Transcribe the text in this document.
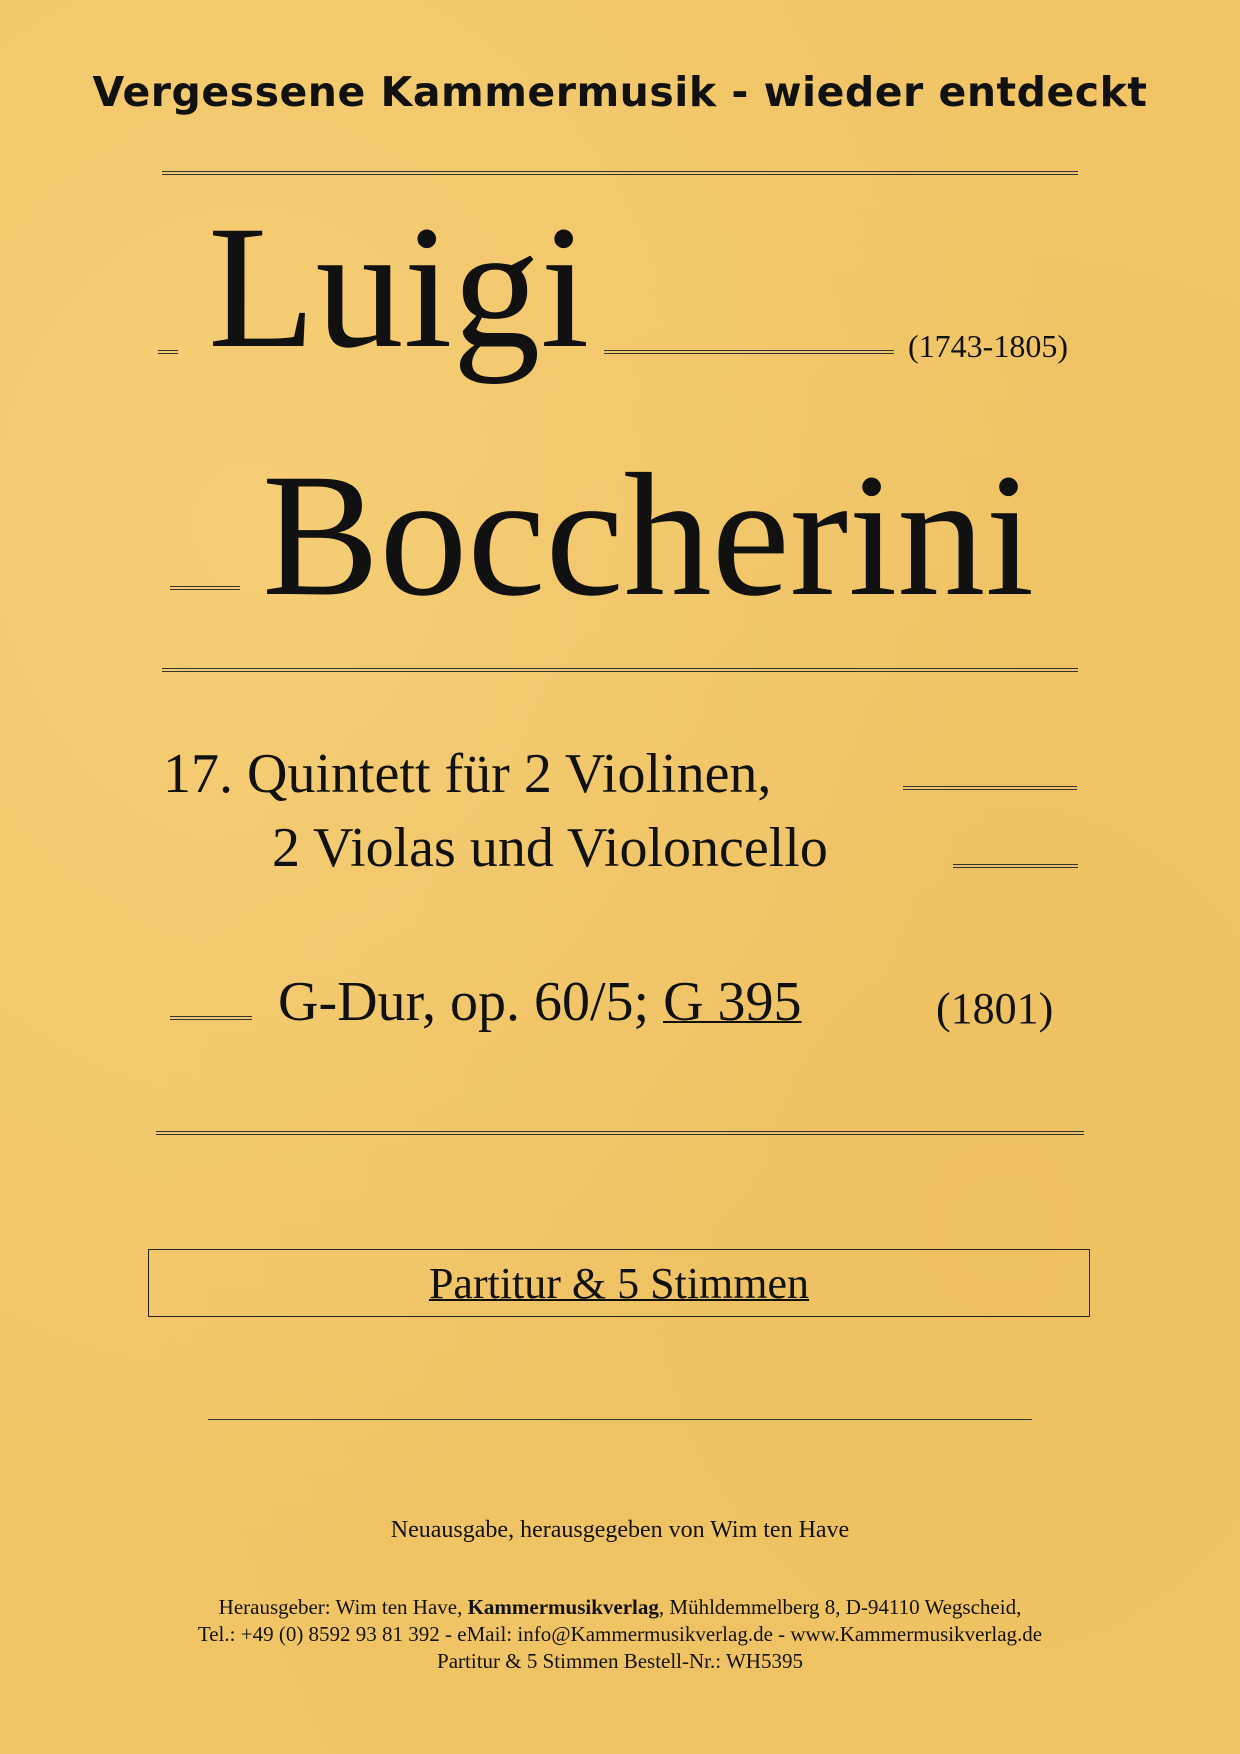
Vergessene Kammermusik - wieder entdeckt
Luigi	(1743-1805)
Boccherini
17. Quintett für 2 Violinen,
2 Violas und Violoncello
G-Dur, op. 60/5; G 395	(1801)
Partitur & 5 Stimmen
Neuausgabe, herausgegeben von Wim ten Have

Herausgeber: Wim ten Have, Kammermusikverlag, Mühldemmelberg 8, D-94110 Wegscheid,

Tel.: +49 (0) 8592 93 81 392 - eMail: info@Kammermusikverlag.de - www.Kammermusikverlag.de

Partitur & 5 Stimmen Bestell-Nr.: WH5395
